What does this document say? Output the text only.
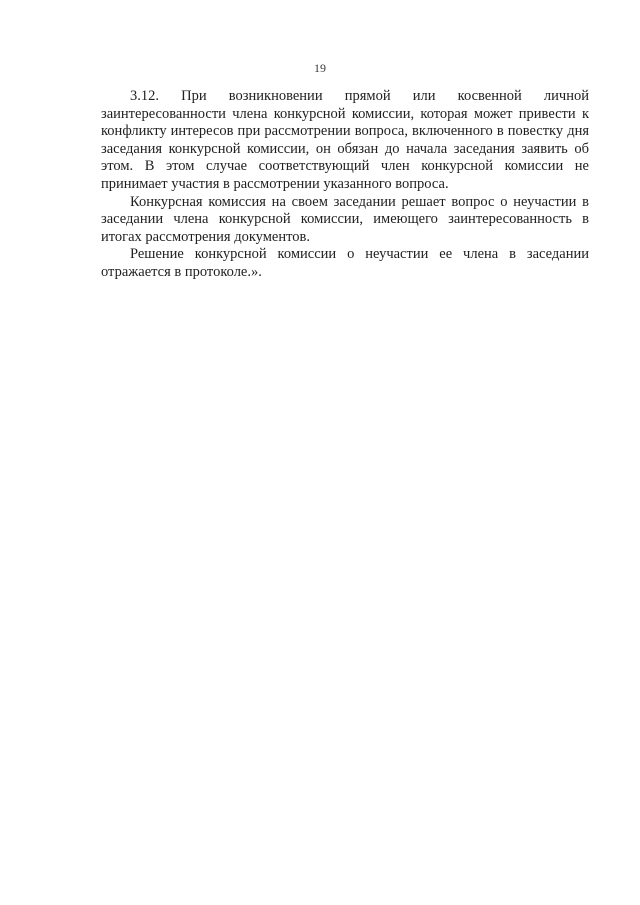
19

3.12. При возникновении прямой или косвенной личной заинтересованности члена конкурсной комиссии, которая может привести к конфликту интересов при рассмотрении вопроса, включенного в повестку дня заседания конкурсной комиссии, он обязан до начала заседания заявить об этом. В этом случае соответствующий член конкурсной комиссии не принимает участия в рассмотрении указанного вопроса.

Конкурсная комиссия на своем заседании решает вопрос о неучастии в заседании члена конкурсной комиссии, имеющего заинтересованность в итогах рассмотрения документов.

Решение конкурсной комиссии о неучастии ее члена в заседании отражается в протоколе.».
